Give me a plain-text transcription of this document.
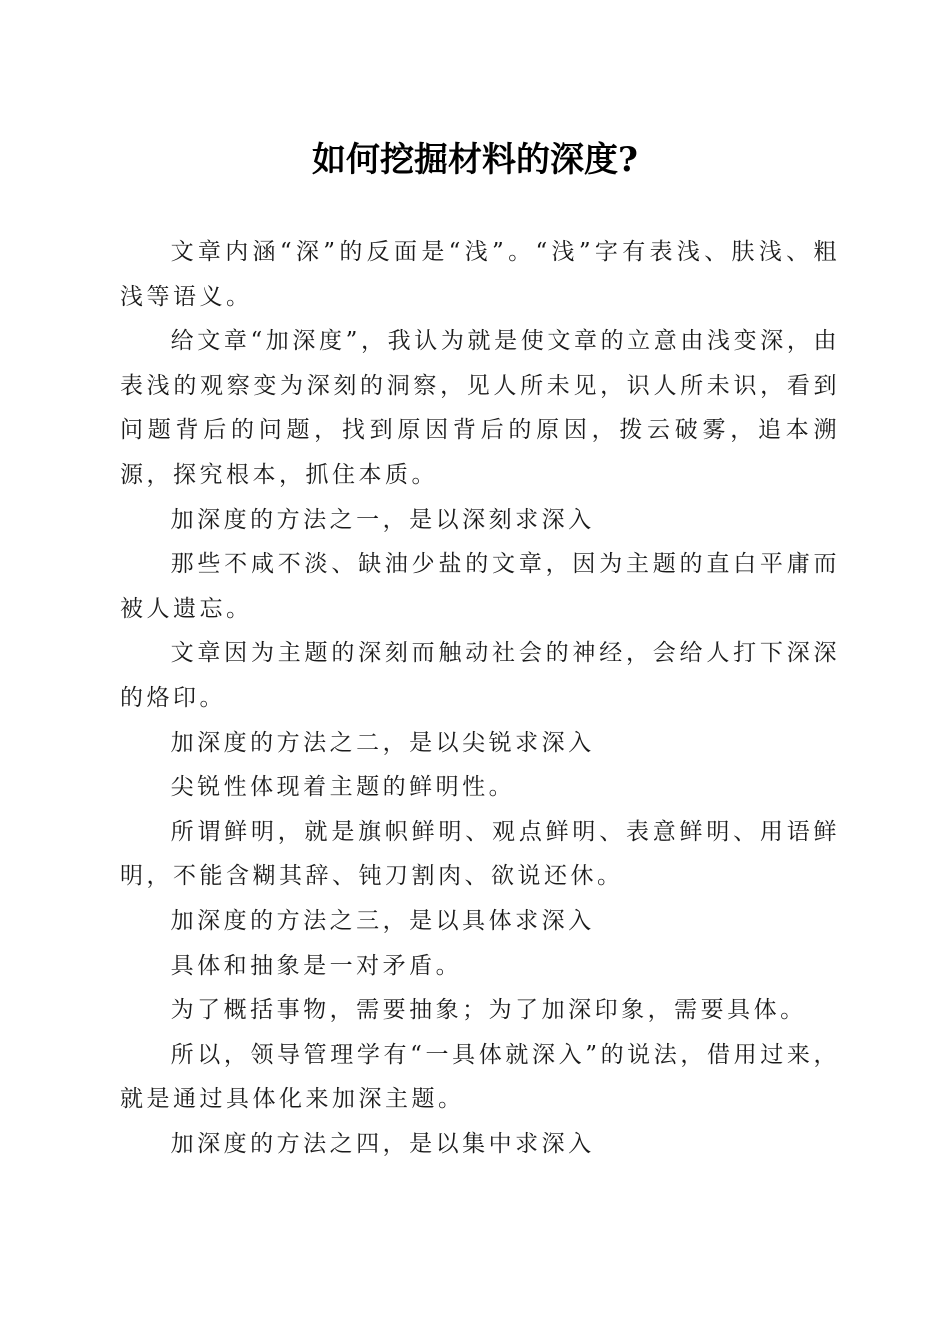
如何挖掘材料的深度?

文章内涵“深”的反面是“浅”。“浅”字有表浅、肤浅、粗浅等语义。

给文章“加深度”，我认为就是使文章的立意由浅变深，由表浅的观察变为深刻的洞察，见人所未见，识人所未识，看到问题背后的问题，找到原因背后的原因，拨云破雾，追本溯源，探究根本，抓住本质。

加深度的方法之一，是以深刻求深入

那些不咸不淡、缺油少盐的文章，因为主题的直白平庸而被人遗忘。

文章因为主题的深刻而触动社会的神经，会给人打下深深的烙印。

加深度的方法之二，是以尖锐求深入

尖锐性体现着主题的鲜明性。

所谓鲜明，就是旗帜鲜明、观点鲜明、表意鲜明、用语鲜明，不能含糊其辞、钝刀割肉、欲说还休。

加深度的方法之三，是以具体求深入

具体和抽象是一对矛盾。

为了概括事物，需要抽象；为了加深印象，需要具体。

所以，领导管理学有“一具体就深入”的说法，借用过来，就是通过具体化来加深主题。

加深度的方法之四，是以集中求深入
